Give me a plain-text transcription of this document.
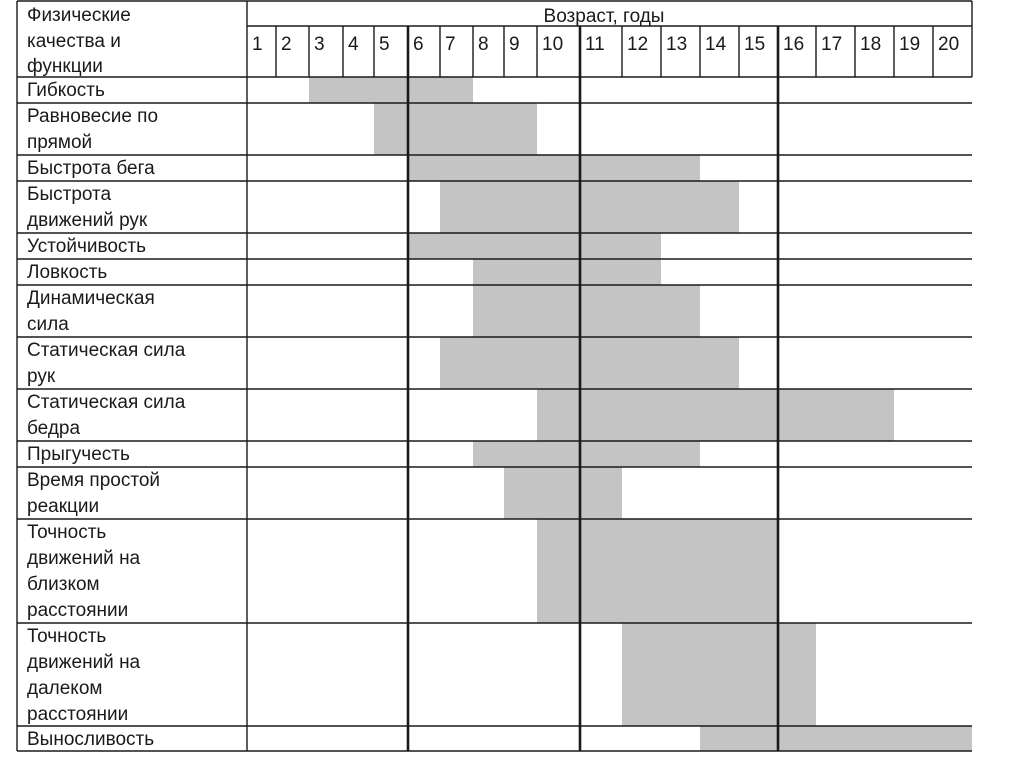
Возраст, годы
Физические
качества и
функции
1 2 3 4 5 6 7 8 9 10 11 12 13 14 15 16 17 18 19 20
Гибкость
Равновесие по
прямой
Быстрота бега
Быстрота
движений рук
Устойчивость
Ловкость
Динамическая
сила
Статическая сила
рук
Статическая сила
бедра
Прыгучесть
Время простой
реакции
Точность
движений на
близком
расстоянии
Точность
движений на
далеком
расстоянии
Выносливость
